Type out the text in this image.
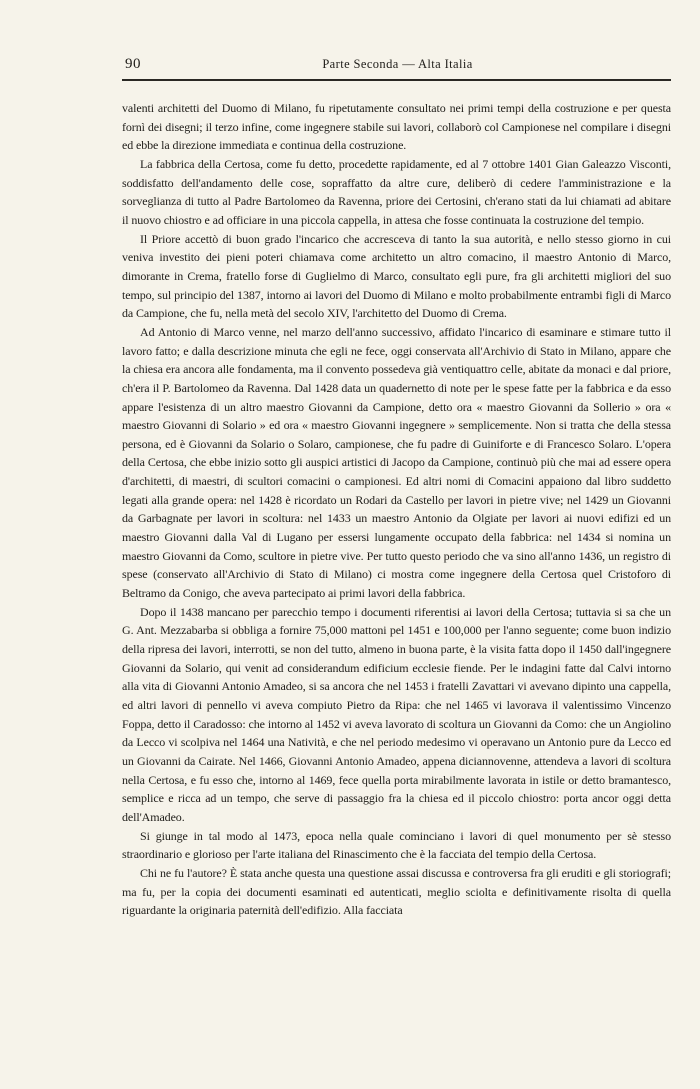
90	Parte Seconda — Alta Italia

valenti architetti del Duomo di Milano, fu ripetutamente consultato nei primi tempi della costruzione e per questa fornì dei disegni; il terzo infine, come ingegnere stabile sui lavori, collaborò col Campionese nel compilare i disegni ed ebbe la direzione immediata e continua della costruzione.

La fabbrica della Certosa, come fu detto, procedette rapidamente, ed al 7 ottobre 1401 Gian Galeazzo Visconti, soddisfatto dell'andamento delle cose, sopraffatto da altre cure, deliberò di cedere l'amministrazione e la sorveglianza di tutto al Padre Bartolomeo da Ravenna, priore dei Certosini, ch'erano stati da lui chiamati ad abitare il nuovo chiostro e ad officiare in una piccola cappella, in attesa che fosse continuata la costruzione del tempio.

Il Priore accettò di buon grado l'incarico che accresceva di tanto la sua autorità, e nello stesso giorno in cui veniva investito dei pieni poteri chiamava come architetto un altro comacino, il maestro Antonio di Marco, dimorante in Crema, fratello forse di Guglielmo di Marco, consultato egli pure, fra gli architetti migliori del suo tempo, sul principio del 1387, intorno ai lavori del Duomo di Milano e molto probabilmente entrambi figli di Marco da Campione, che fu, nella metà del secolo XIV, l'architetto del Duomo di Crema.

Ad Antonio di Marco venne, nel marzo dell'anno successivo, affidato l'incarico di esaminare e stimare tutto il lavoro fatto; e dalla descrizione minuta che egli ne fece, oggi conservata all'Archivio di Stato in Milano, appare che la chiesa era ancora alle fondamenta, ma il convento possedeva già ventiquattro celle, abitate da monaci e dal priore, ch'era il P. Bartolomeo da Ravenna. Dal 1428 data un quadernetto di note per le spese fatte per la fabbrica e da esso appare l'esistenza di un altro maestro Giovanni da Campione, detto ora « maestro Giovanni da Sollerio » ora « maestro Giovanni di Solario » ed ora « maestro Giovanni ingegnere » semplicemente. Non si tratta che della stessa persona, ed è Giovanni da Solario o Solaro, campionese, che fu padre di Guiniforte e di Francesco Solaro. L'opera della Certosa, che ebbe inizio sotto gli auspici artistici di Jacopo da Campione, continuò più che mai ad essere opera d'architetti, di maestri, di scultori comacini o campionesi. Ed altri nomi di Comacini appaiono dal libro suddetto legati alla grande opera: nel 1428 è ricordato un Rodari da Castello per lavori in pietre vive; nel 1429 un Giovanni da Garbagnate per lavori in scoltura: nel 1433 un maestro Antonio da Olgiate per lavori ai nuovi edifizi ed un maestro Giovanni dalla Val di Lugano per essersi lungamente occupato della fabbrica: nel 1434 si nomina un maestro Giovanni da Como, scultore in pietre vive. Per tutto questo periodo che va sino all'anno 1436, un registro di spese (conservato all'Archivio di Stato di Milano) ci mostra come ingegnere della Certosa quel Cristoforo di Beltramo da Conigo, che aveva partecipato ai primi lavori della fabbrica.

Dopo il 1438 mancano per parecchio tempo i documenti riferentisi ai lavori della Certosa; tuttavia si sa che un G. Ant. Mezzabarba si obbliga a fornire 75,000 mattoni pel 1451 e 100,000 per l'anno seguente; come buon indizio della ripresa dei lavori, interrotti, se non del tutto, almeno in buona parte, è la visita fatta dopo il 1450 dall'ingegnere Giovanni da Solario, qui venit ad considerandum edificium ecclesie fiende. Per le indagini fatte dal Calvi intorno alla vita di Giovanni Antonio Amadeo, si sa ancora che nel 1453 i fratelli Zavattari vi avevano dipinto una cappella, ed altri lavori di pennello vi aveva compiuto Pietro da Ripa: che nel 1465 vi lavorava il valentissimo Vincenzo Foppa, detto il Caradosso: che intorno al 1452 vi aveva lavorato di scoltura un Giovanni da Como: che un Angiolino da Lecco vi scolpiva nel 1464 una Natività, e che nel periodo medesimo vi operavano un Antonio pure da Lecco ed un Giovanni da Cairate. Nel 1466, Giovanni Antonio Amadeo, appena diciannovenne, attendeva a lavori di scoltura nella Certosa, e fu esso che, intorno al 1469, fece quella porta mirabilmente lavorata in istile or detto bramantesco, semplice e ricca ad un tempo, che serve di passaggio fra la chiesa ed il piccolo chiostro: porta ancor oggi detta dell'Amadeo.

Si giunge in tal modo al 1473, epoca nella quale cominciano i lavori di quel monumento per sè stesso straordinario e glorioso per l'arte italiana del Rinascimento che è la facciata del tempio della Certosa.

Chi ne fu l'autore? È stata anche questa una questione assai discussa e controversa fra gli eruditi e gli storiografi; ma fu, per la copia dei documenti esaminati ed autenticati, meglio sciolta e definitivamente risolta di quella riguardante la originaria paternità dell'edifizio. Alla facciata
